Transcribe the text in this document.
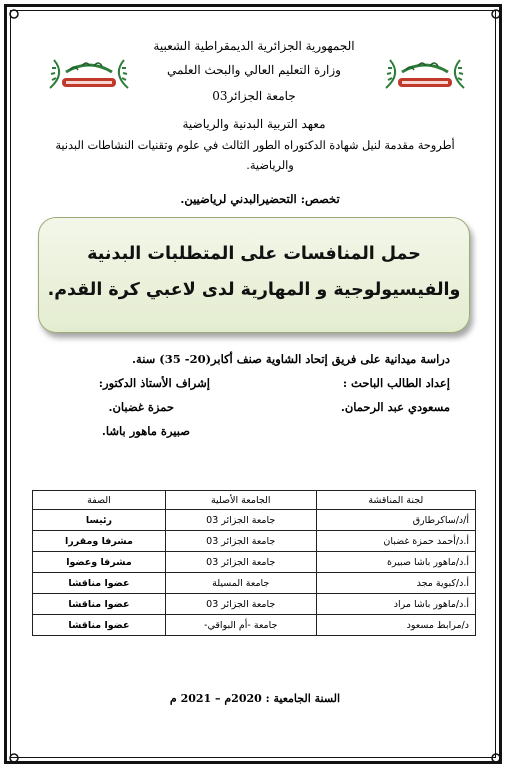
الجمهورية الجزائرية الديمقراطية الشعبية
وزارة التعليم العالي والبحث العلمي
جامعة الجزائر03
معهد التربية البدنية والرياضية
أطروحة مقدمة لنيل شهادة الدكتوراه الطور الثالث في علوم وتقنيات النشاطات البدنية
والرياضية.
تخصص: التحضيرالبدني لرياضيين.
حمل المنافسات على المتطلبات البدنية
والفيسيولوجية و المهارية لدى لاعبي كرة القدم.
دراسة ميدانية على فريق إتحاد الشاوية صنف أكابر(20- 35) سنة.
إعداد الطالب الباحث :
إشراف الأستاذ الدكتور:
مسعودي عبد الرحمان.
حمزة غضبان.
صبيرة ماهور باشا.
لجنة المناقشة	الجامعة الأصلية	الصفة
أ/د/ساكرطارق	جامعة الجزائر 03	رئيسا
أ.د/أحمد حمزة غضبان	جامعة الجزائر 03	مشرفا ومقررا
أ.د/ماهور باشا صبيرة	جامعة الجزائر 03	مشرفا وعضوا
أ.د/كبوية مجد	جامعة المسيلة	عضوا مناقشا
أ.د/ماهور باشا مراد	جامعة الجزائر 03	عضوا مناقشا
د/مرابط مسعود	جامعة -أم البواقي-	عضوا مناقشا
السنة الجامعية : 2020م – 2021 م
